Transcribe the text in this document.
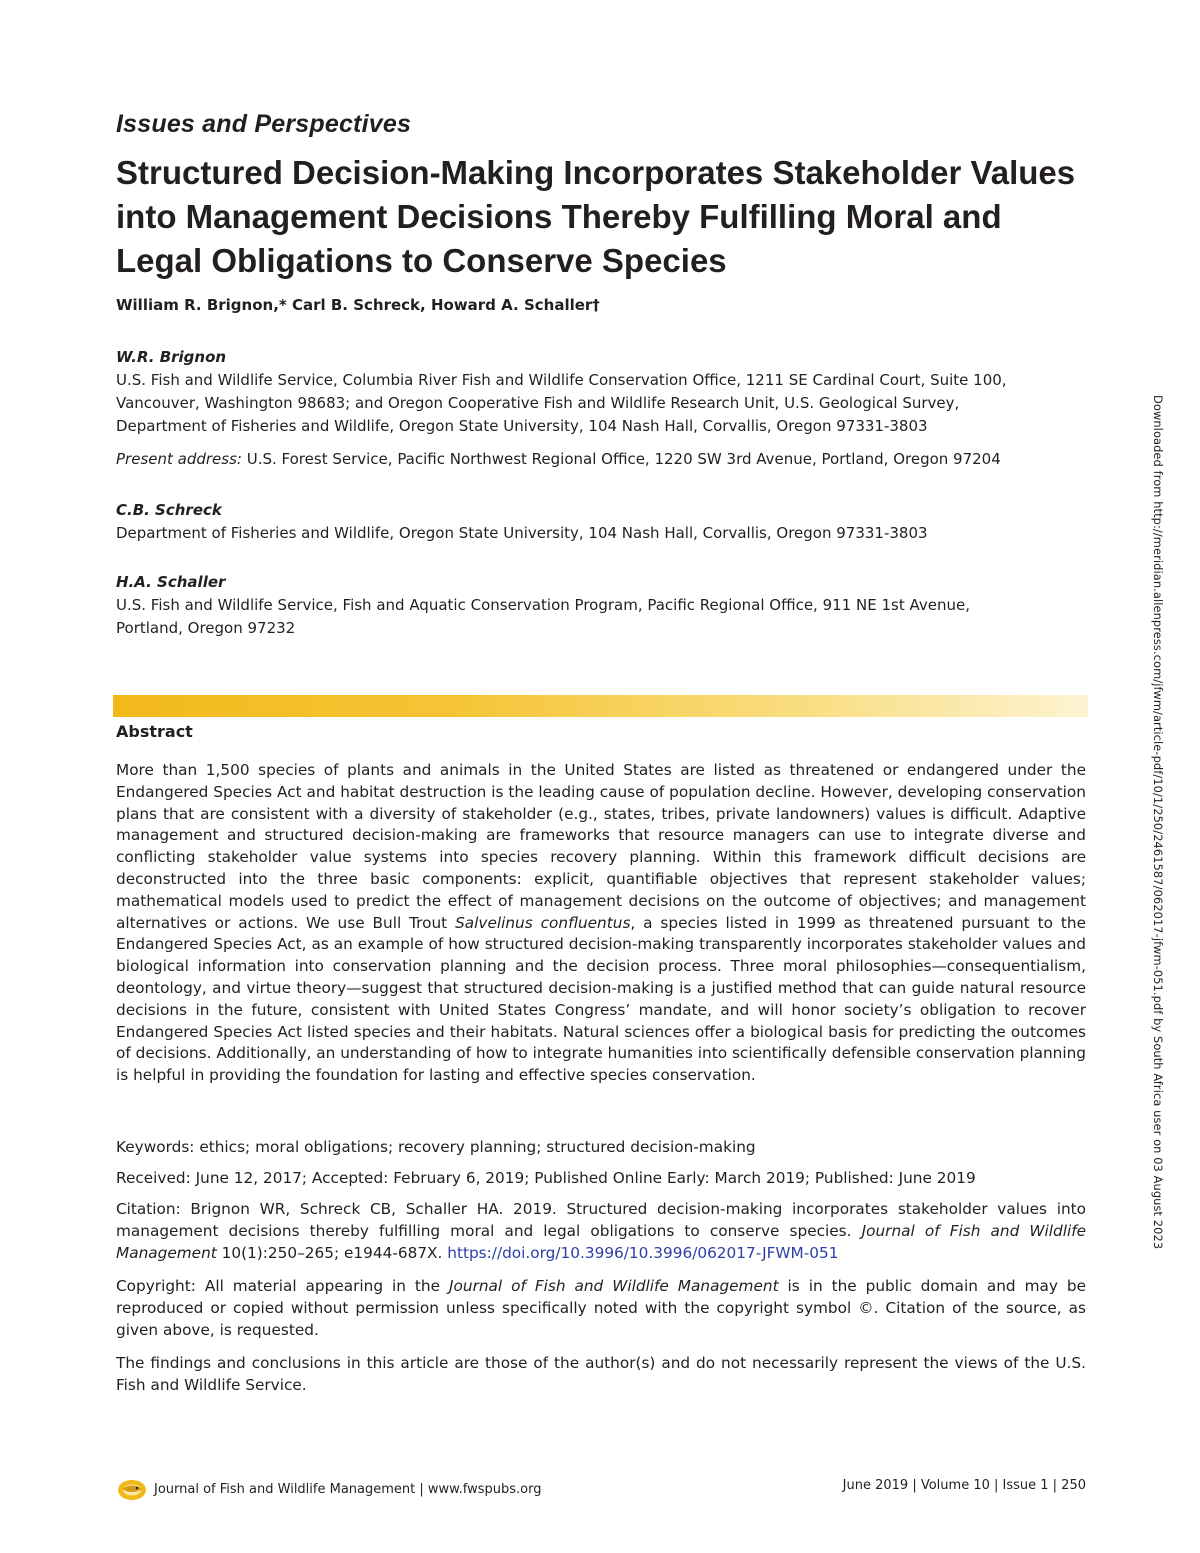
Issues and Perspectives
Structured Decision-Making Incorporates Stakeholder Values into Management Decisions Thereby Fulfilling Moral and Legal Obligations to Conserve Species
William R. Brignon,* Carl B. Schreck, Howard A. Schaller†
W.R. Brignon
U.S. Fish and Wildlife Service, Columbia River Fish and Wildlife Conservation Office, 1211 SE Cardinal Court, Suite 100,
Vancouver, Washington 98683; and Oregon Cooperative Fish and Wildlife Research Unit, U.S. Geological Survey,
Department of Fisheries and Wildlife, Oregon State University, 104 Nash Hall, Corvallis, Oregon 97331-3803
Present address: U.S. Forest Service, Pacific Northwest Regional Office, 1220 SW 3rd Avenue, Portland, Oregon 97204
C.B. Schreck
Department of Fisheries and Wildlife, Oregon State University, 104 Nash Hall, Corvallis, Oregon 97331-3803
H.A. Schaller
U.S. Fish and Wildlife Service, Fish and Aquatic Conservation Program, Pacific Regional Office, 911 NE 1st Avenue,
Portland, Oregon 97232
Abstract
More than 1,500 species of plants and animals in the United States are listed as threatened or endangered under the Endangered Species Act and habitat destruction is the leading cause of population decline. However, developing conservation plans that are consistent with a diversity of stakeholder (e.g., states, tribes, private landowners) values is difficult. Adaptive management and structured decision-making are frameworks that resource managers can use to integrate diverse and conflicting stakeholder value systems into species recovery planning. Within this framework difficult decisions are deconstructed into the three basic components: explicit, quantifiable objectives that represent stakeholder values; mathematical models used to predict the effect of management decisions on the outcome of objectives; and management alternatives or actions. We use Bull Trout Salvelinus confluentus, a species listed in 1999 as threatened pursuant to the Endangered Species Act, as an example of how structured decision-making transparently incorporates stakeholder values and biological information into conservation planning and the decision process. Three moral philosophies—consequentialism, deontology, and virtue theory—suggest that structured decision-making is a justified method that can guide natural resource decisions in the future, consistent with United States Congress’ mandate, and will honor society’s obligation to recover Endangered Species Act listed species and their habitats. Natural sciences offer a biological basis for predicting the outcomes of decisions. Additionally, an understanding of how to integrate humanities into scientifically defensible conservation planning is helpful in providing the foundation for lasting and effective species conservation.
Keywords: ethics; moral obligations; recovery planning; structured decision-making
Received: June 12, 2017; Accepted: February 6, 2019; Published Online Early: March 2019; Published: June 2019
Citation: Brignon WR, Schreck CB, Schaller HA. 2019. Structured decision-making incorporates stakeholder values into management decisions thereby fulfilling moral and legal obligations to conserve species. Journal of Fish and Wildlife Management 10(1):250–265; e1944-687X. https://doi.org/10.3996/10.3996/062017-JFWM-051
Copyright: All material appearing in the Journal of Fish and Wildlife Management is in the public domain and may be reproduced or copied without permission unless specifically noted with the copyright symbol ©. Citation of the source, as given above, is requested.
The findings and conclusions in this article are those of the author(s) and do not necessarily represent the views of the U.S. Fish and Wildlife Service.
Journal of Fish and Wildlife Management | www.fwspubs.org	June 2019 | Volume 10 | Issue 1 | 250
Downloaded from http://meridian.allenpress.com/jfwm/article-pdf/10/1/250/2461587/062017-jfwm-051.pdf by South Africa user on 03 August 2023
